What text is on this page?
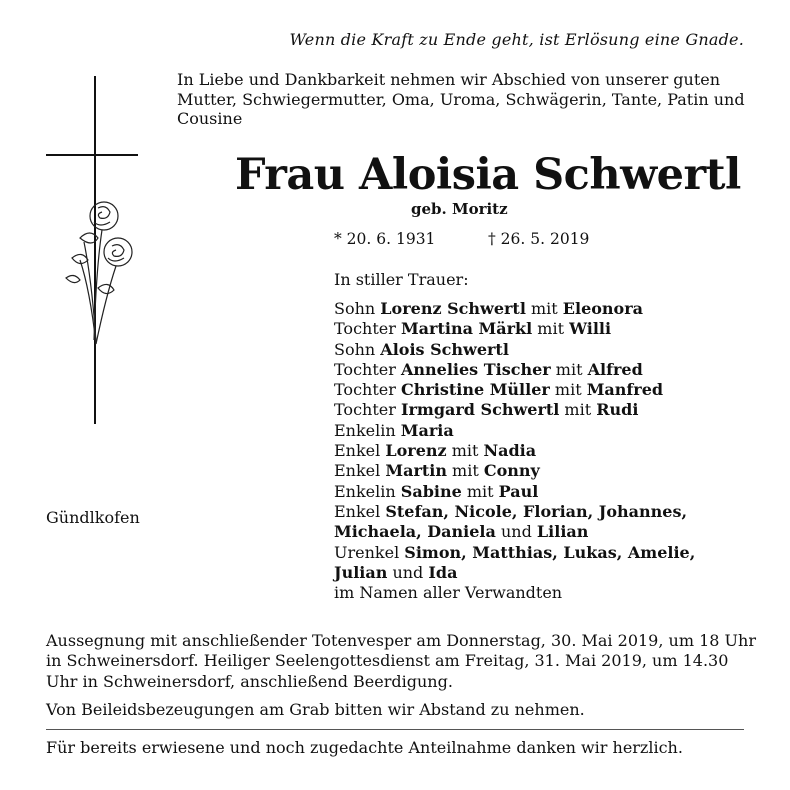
Wenn die Kraft zu Ende geht, ist Erlösung eine Gnade.
In Liebe und Dankbarkeit nehmen wir Abschied von unserer guten Mutter, Schwiegermutter, Oma, Uroma, Schwägerin, Tante, Patin und Cousine
Frau Aloisia Schwertl
geb. Moritz
* 20. 6. 1931	† 26. 5. 2019
In stiller Trauer:
Sohn Lorenz Schwertl mit Eleonora
Tochter Martina Märkl mit Willi
Sohn Alois Schwertl
Tochter Annelies Tischer mit Alfred
Tochter Christine Müller mit Manfred
Tochter Irmgard Schwertl mit Rudi
Enkelin Maria
Enkel Lorenz mit Nadia
Enkel Martin mit Conny
Enkelin Sabine mit Paul
Enkel Stefan, Nicole, Florian, Johannes,
Michaela, Daniela und Lilian
Urenkel Simon, Matthias, Lukas, Amelie,
Julian und Ida
im Namen aller Verwandten
Gündlkofen
Aussegnung mit anschließender Totenvesper am Donnerstag, 30. Mai 2019, um 18 Uhr in Schweinersdorf. Heiliger Seelengottesdienst am Freitag, 31. Mai 2019, um 14.30 Uhr in Schweinersdorf, anschließend Beerdigung.
Von Beileidsbezeugungen am Grab bitten wir Abstand zu nehmen.
Für bereits erwiesene und noch zugedachte Anteilnahme danken wir herzlich.
